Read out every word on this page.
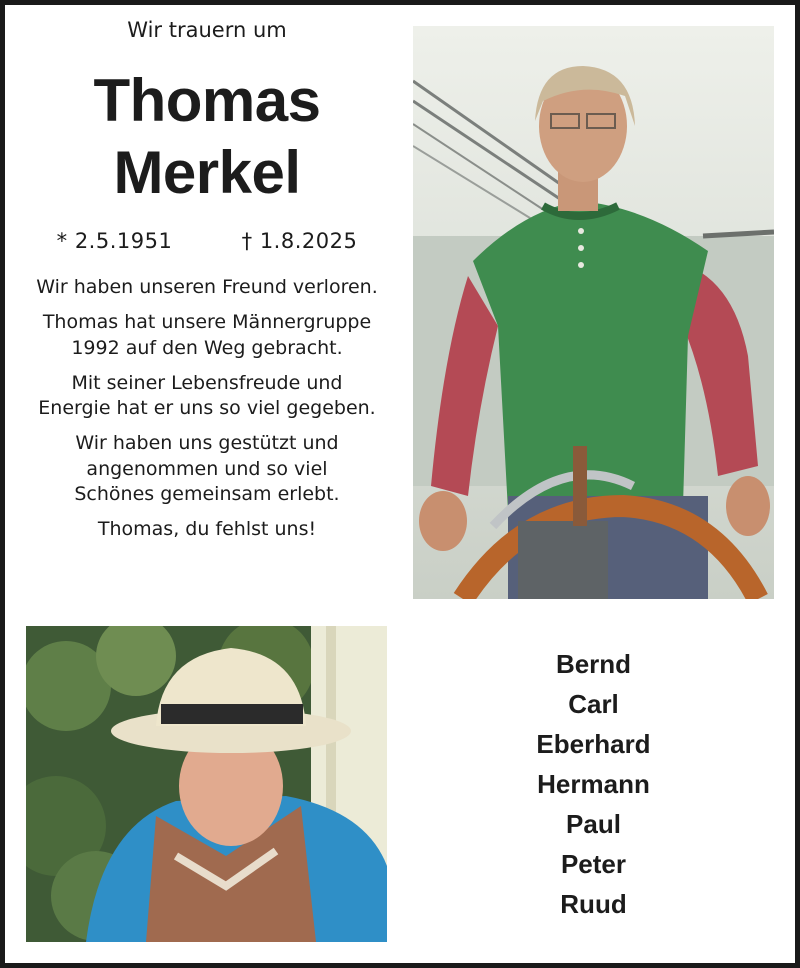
Wir trauern um
Thomas
Merkel
* 2.5.1951	† 1.8.2025

Wir haben unseren Freund verloren.

Thomas hat unsere Männergruppe 1992 auf den Weg gebracht.

Mit seiner Lebensfreude und Energie hat er uns so viel gegeben.

Wir haben uns gestützt und angenommen und so viel Schönes gemeinsam erlebt.

Thomas, du fehlst uns!

Bernd
Carl
Eberhard
Hermann
Paul
Peter
Ruud
